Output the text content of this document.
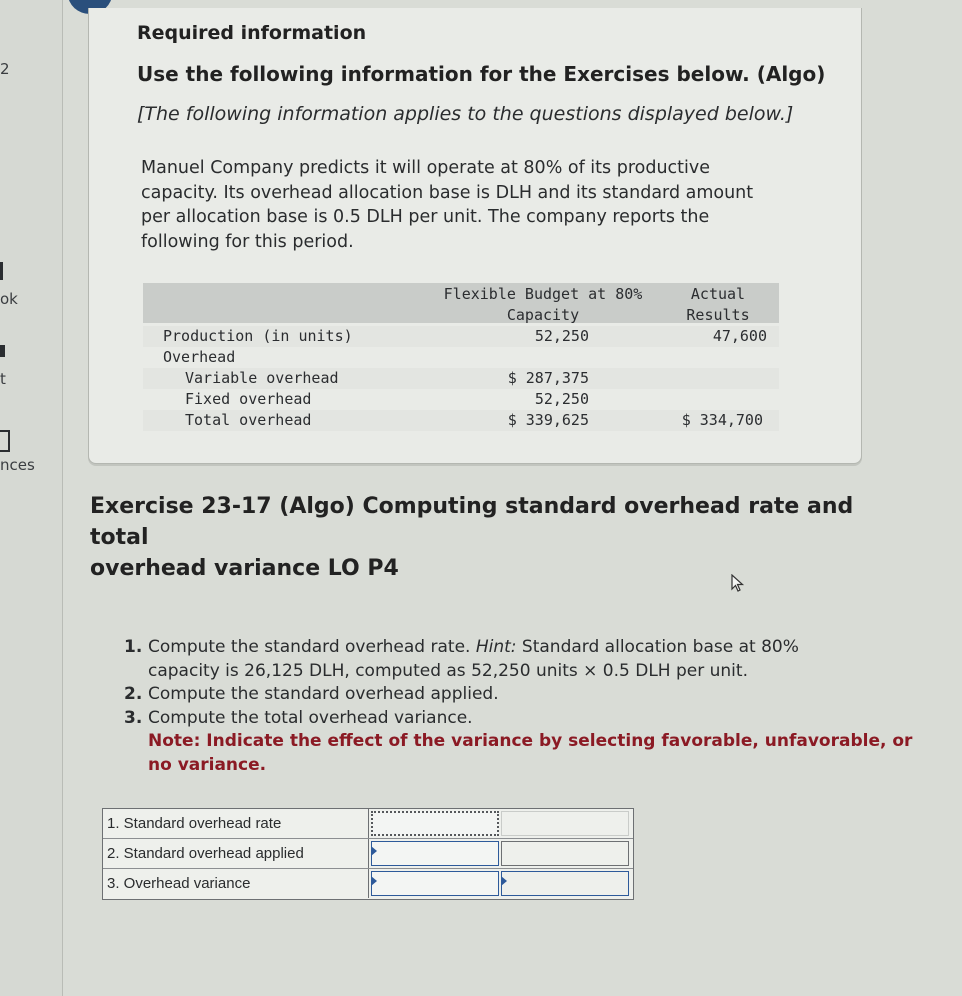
2
ok
t
nces
Required information
Use the following information for the Exercises below. (Algo)
[The following information applies to the questions displayed below.]
Manuel Company predicts it will operate at 80% of its productive
capacity. Its overhead allocation base is DLH and its standard amount
per allocation base is 0.5 DLH per unit. The company reports the
following for this period.
Flexible Budget at 80%
Capacity
Actual
Results
Production (in units)	52,250	47,600
Overhead
Variable overhead	$ 287,375
Fixed overhead	52,250
Total overhead	$ 339,625	$ 334,700
Exercise 23-17 (Algo) Computing standard overhead rate and total
overhead variance LO P4
1. Compute the standard overhead rate. Hint: Standard allocation base at 80%
capacity is 26,125 DLH, computed as 52,250 units × 0.5 DLH per unit.
2. Compute the standard overhead applied.
3. Compute the total overhead variance.
Note: Indicate the effect of the variance by selecting favorable, unfavorable, or
no variance.
1. Standard overhead rate
2. Standard overhead applied
3. Overhead variance
